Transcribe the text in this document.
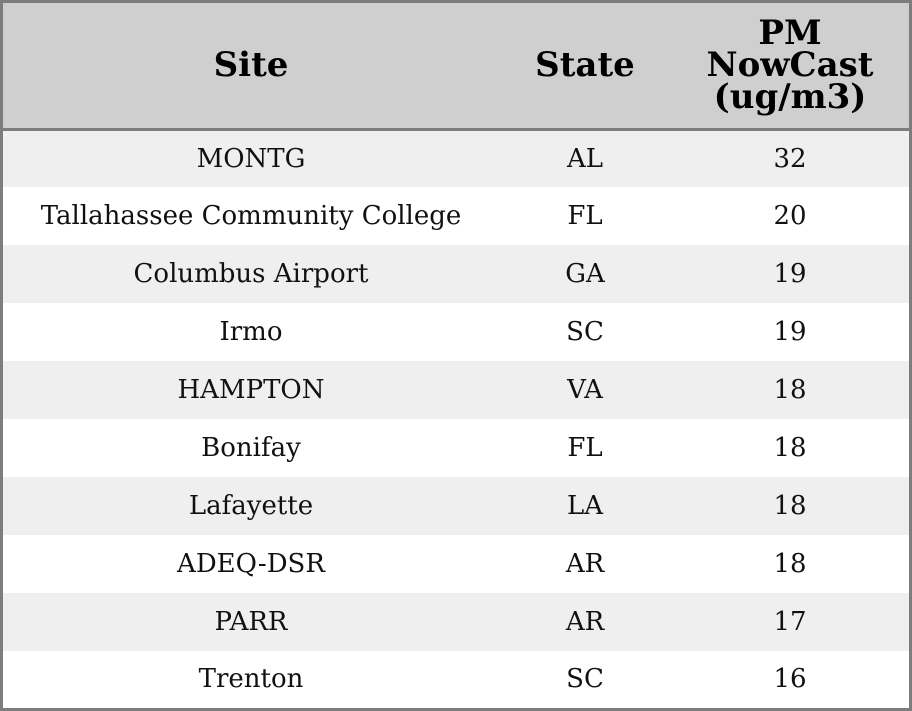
Site	State	PM
NowCast
(ug/m3)
MONTG	AL	32
Tallahassee Community College	FL	20
Columbus Airport	GA	19
Irmo	SC	19
HAMPTON	VA	18
Bonifay	FL	18
Lafayette	LA	18
ADEQ-DSR	AR	18
PARR	AR	17
Trenton	SC	16
